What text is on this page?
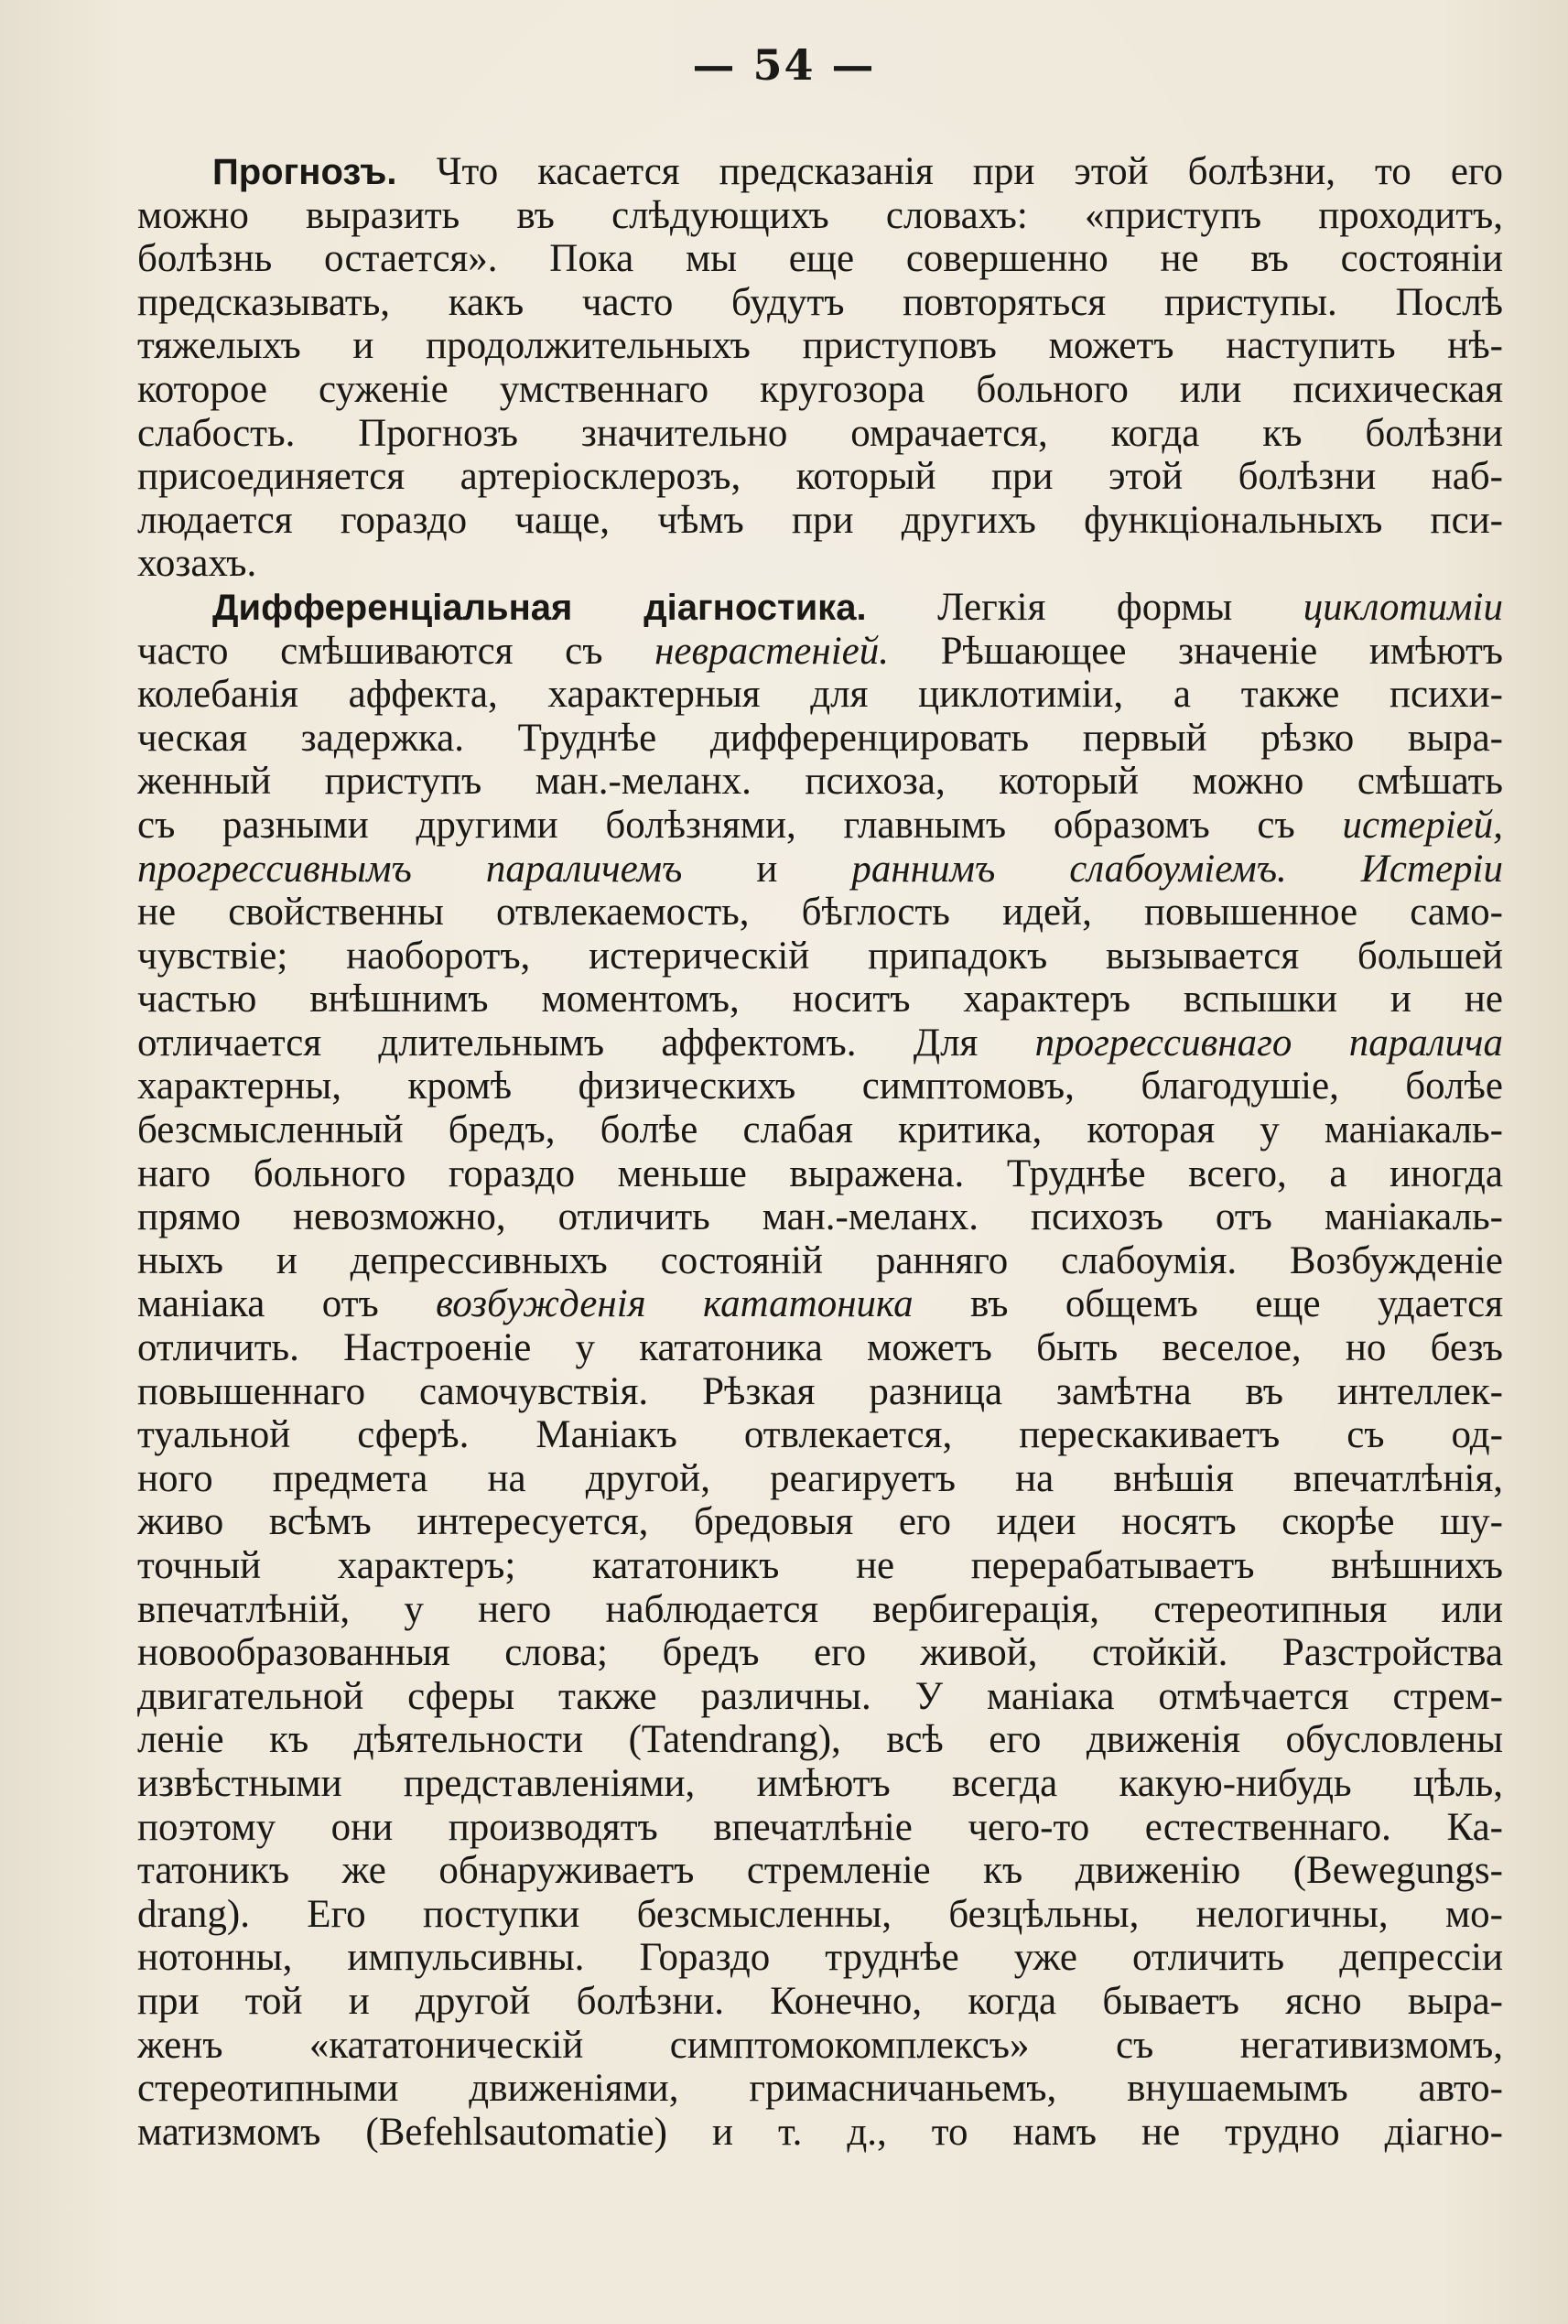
— 54 —
Прогнозъ. Что касается предсказанія при этой болѣзни, то его
можно выразить въ слѣдующихъ словахъ: «приступъ проходитъ,
болѣзнь остается». Пока мы еще совершенно не въ состояніи
предсказывать, какъ часто будутъ повторяться приступы. Послѣ
тяжелыхъ и продолжительныхъ приступовъ можетъ наступить нѣ-
которое суженіе умственнаго кругозора больного или психическая
слабость. Прогнозъ значительно омрачается, когда къ болѣзни
присоединяется артеріосклерозъ, который при этой болѣзни наб-
людается гораздо чаще, чѣмъ при другихъ функціональныхъ пси-
хозахъ.
Дифференціальная діагностика. Легкія формы циклотиміи
часто смѣшиваются съ неврастеніей. Рѣшающее значеніе имѣютъ
колебанія аффекта, характерныя для циклотиміи, а также психи-
ческая задержка. Труднѣе дифференцировать первый рѣзко выра-
женный приступъ ман.-меланх. психоза, который можно смѣшать
съ разными другими болѣзнями, главнымъ образомъ съ истеріей,
прогрессивнымъ параличемъ и раннимъ слабоуміемъ. Истеріи
не свойственны отвлекаемость, бѣглость идей, повышенное само-
чувствіе; наоборотъ, истерическій припадокъ вызывается большей
частью внѣшнимъ моментомъ, носитъ характеръ вспышки и не
отличается длительнымъ аффектомъ. Для прогрессивнаго паралича
характерны, кромѣ физическихъ симптомовъ, благодушіе, болѣе
безсмысленный бредъ, болѣе слабая критика, которая у маніакаль-
наго больного гораздо меньше выражена. Труднѣе всего, а иногда
прямо невозможно, отличить ман.-меланх. психозъ отъ маніакаль-
ныхъ и депрессивныхъ состояній ранняго слабоумія. Возбужденіе
маніака отъ возбужденія кататоника въ общемъ еще удается
отличить. Настроеніе у кататоника можетъ быть веселое, но безъ
повышеннаго самочувствія. Рѣзкая разница замѣтна въ интеллек-
туальной сферѣ. Маніакъ отвлекается, перескакиваетъ съ од-
ного предмета на другой, реагируетъ на внѣшія впечатлѣнія,
живо всѣмъ интересуется, бредовыя его идеи носятъ скорѣе шу-
точный характеръ; кататоникъ не перерабатываетъ внѣшнихъ
впечатлѣній, у него наблюдается вербигерація, стереотипныя или
новообразованныя слова; бредъ его живой, стойкій. Разстройства
двигательной сферы также различны. У маніака отмѣчается стрем-
леніе къ дѣятельности (Tatendrang), всѣ его движенія обусловлены
извѣстными представленіями, имѣютъ всегда какую-нибудь цѣль,
поэтому они производятъ впечатлѣніе чего-то естественнаго. Ка-
татоникъ же обнаруживаетъ стремленіе къ движенію (Bewegungs-
drang). Его поступки безсмысленны, безцѣльны, нелогичны, мо-
нотонны, импульсивны. Гораздо труднѣе уже отличить депрессіи
при той и другой болѣзни. Конечно, когда бываетъ ясно выра-
женъ «кататоническій симптомокомплексъ» съ негативизмомъ,
стереотипными движеніями, гримасничаньемъ, внушаемымъ авто-
матизмомъ (Befehlsautomatie) и т. д., то намъ не трудно діагно-
